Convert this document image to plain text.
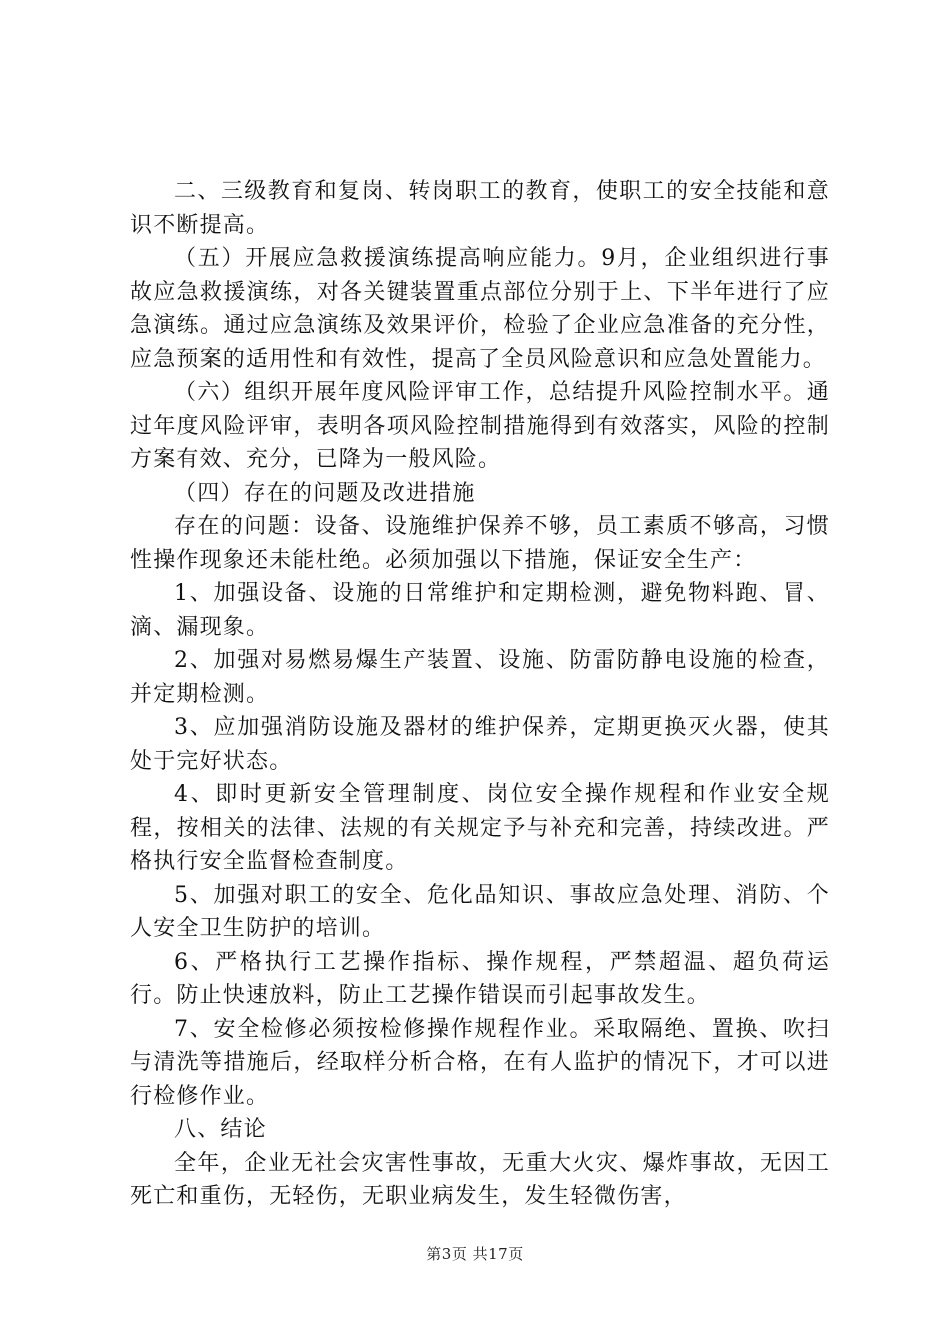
二、三级教育和复岗、转岗职工的教育，使职工的安全技能和意识不断提高。

（五）开展应急救援演练提高响应能力。9月，企业组织进行事故应急救援演练，对各关键装置重点部位分别于上、下半年进行了应急演练。通过应急演练及效果评价，检验了企业应急准备的充分性，应急预案的适用性和有效性，提高了全员风险意识和应急处置能力。

（六）组织开展年度风险评审工作，总结提升风险控制水平。通过年度风险评审，表明各项风险控制措施得到有效落实，风险的控制方案有效、充分，已降为一般风险。

（四）存在的问题及改进措施

存在的问题：设备、设施维护保养不够，员工素质不够高，习惯性操作现象还未能杜绝。必须加强以下措施，保证安全生产：

1、加强设备、设施的日常维护和定期检测，避免物料跑、冒、滴、漏现象。

2、加强对易燃易爆生产装置、设施、防雷防静电设施的检查，并定期检测。

3、应加强消防设施及器材的维护保养，定期更换灭火器，使其处于完好状态。

4、即时更新安全管理制度、岗位安全操作规程和作业安全规程，按相关的法律、法规的有关规定予与补充和完善，持续改进。严格执行安全监督检查制度。

5、加强对职工的安全、危化品知识、事故应急处理、消防、个人安全卫生防护的培训。

6、严格执行工艺操作指标、操作规程，严禁超温、超负荷运行。防止快速放料，防止工艺操作错误而引起事故发生。

7、安全检修必须按检修操作规程作业。采取隔绝、置换、吹扫与清洗等措施后，经取样分析合格，在有人监护的情况下，才可以进行检修作业。

八、结论

全年，企业无社会灾害性事故，无重大火灾、爆炸事故，无因工死亡和重伤，无轻伤，无职业病发生，发生轻微伤害，

第3页 共17页
